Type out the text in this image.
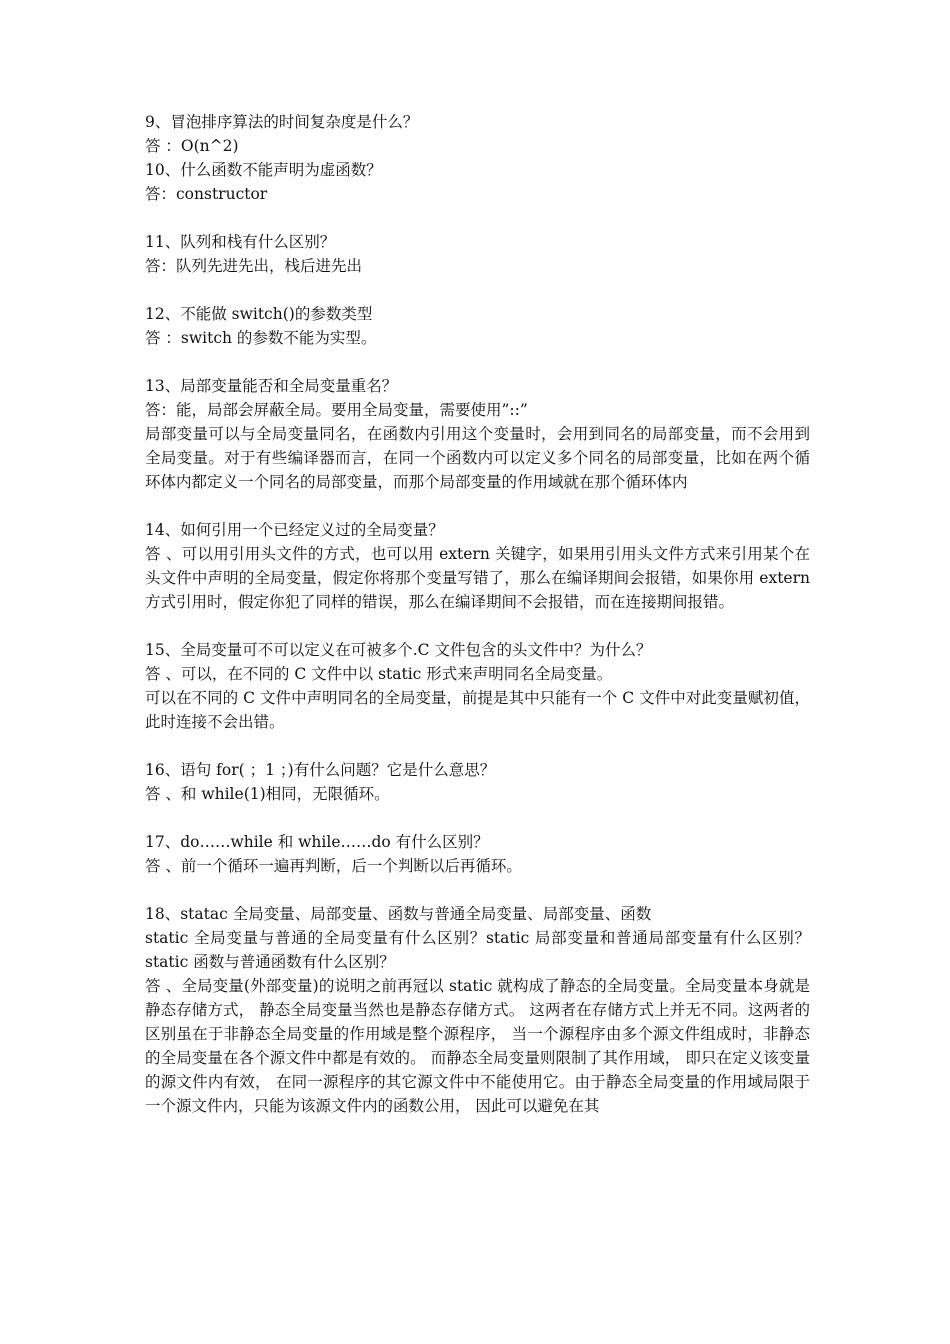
9、冒泡排序算法的时间复杂度是什么？
答 ：O(n^2)
10、什么函数不能声明为虚函数？
答：constructor
11、队列和栈有什么区别？
答：队列先进先出，栈后进先出
12、不能做 switch()的参数类型
答 ：switch 的参数不能为实型。
13、局部变量能否和全局变量重名？
答：能，局部会屏蔽全局。要用全局变量，需要使用”::”
局部变量可以与全局变量同名，在函数内引用这个变量时，会用到同名的局部变量，而不会用到全局变量。对于有些编译器而言，在同一个函数内可以定义多个同名的局部变量，比如在两个循环体内都定义一个同名的局部变量，而那个局部变量的作用域就在那个循环体内
14、如何引用一个已经定义过的全局变量？
答 、可以用引用头文件的方式，也可以用 extern 关键字，如果用引用头文件方式来引用某个在头文件中声明的全局变量，假定你将那个变量写错了，那么在编译期间会报错，如果你用 extern 方式引用时，假定你犯了同样的错误，那么在编译期间不会报错，而在连接期间报错。
15、全局变量可不可以定义在可被多个.C 文件包含的头文件中？为什么？
答 、可以，在不同的 C 文件中以 static 形式来声明同名全局变量。
可以在不同的 C 文件中声明同名的全局变量，前提是其中只能有一个 C 文件中对此变量赋初值，此时连接不会出错。
16、语句 for( ；1 ；)有什么问题？它是什么意思？
答 、和 while(1)相同，无限循环。
17、do……while 和 while……do 有什么区别？
答 、前一个循环一遍再判断，后一个判断以后再循环。
18、statac 全局变量、局部变量、函数与普通全局变量、局部变量、函数
static 全局变量与普通的全局变量有什么区别？static 局部变量和普通局部变量有什么区别？static 函数与普通函数有什么区别？
答 、全局变量(外部变量)的说明之前再冠以 static 就构成了静态的全局变量。全局变量本身就是静态存储方式， 静态全局变量当然也是静态存储方式。 这两者在存储方式上并无不同。这两者的区别虽在于非静态全局变量的作用域是整个源程序， 当一个源程序由多个源文件组成时，非静态的全局变量在各个源文件中都是有效的。 而静态全局变量则限制了其作用域， 即只在定义该变量的源文件内有效， 在同一源程序的其它源文件中不能使用它。由于静态全局变量的作用域局限于一个源文件内，只能为该源文件内的函数公用， 因此可以避免在其
